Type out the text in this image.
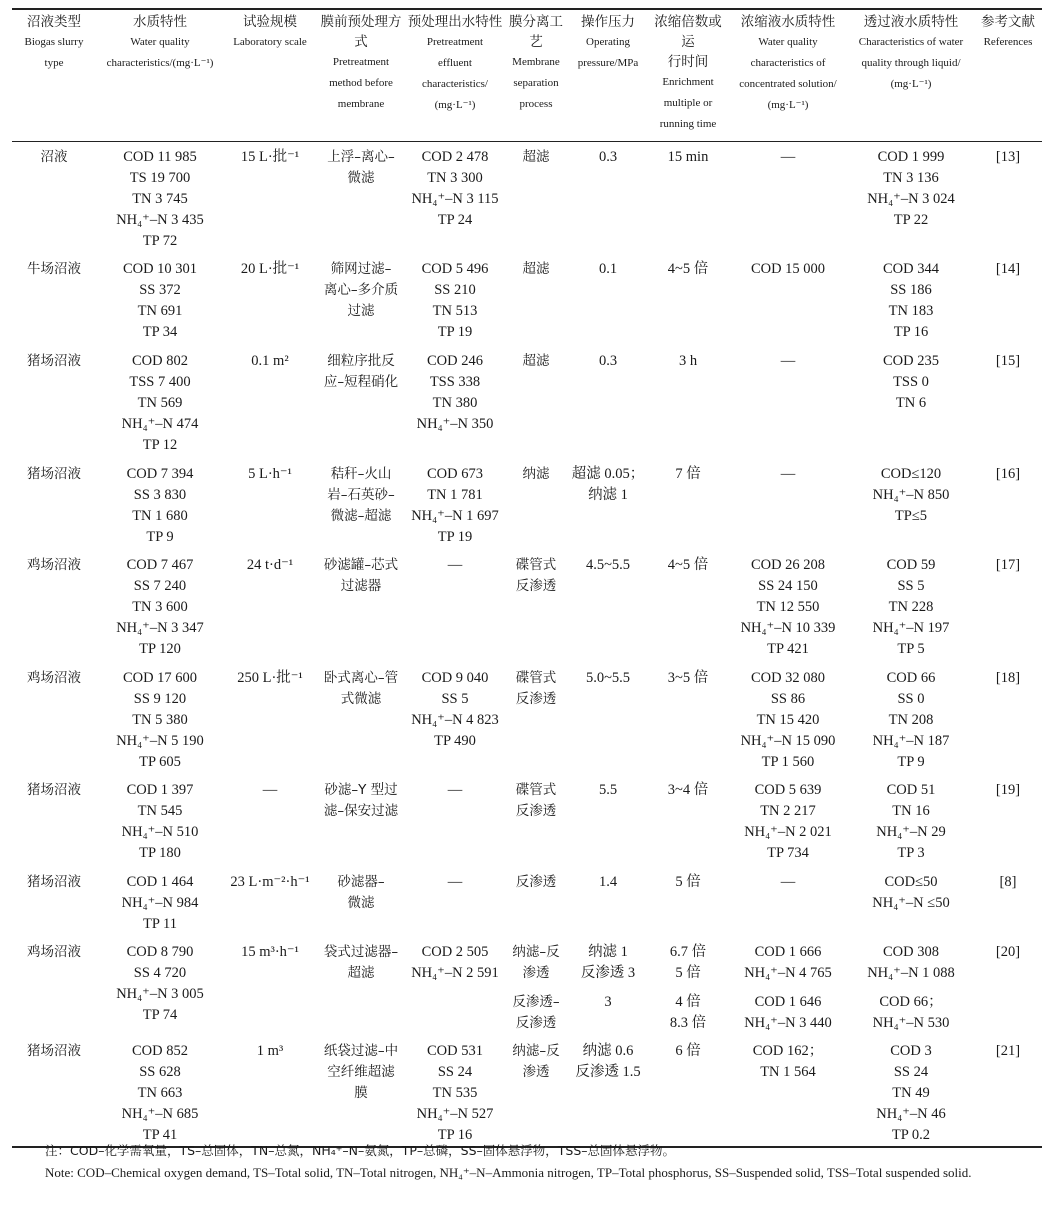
沼液类型
Biogas slurry
type	水质特性
Water quality
characteristics/(mg·L⁻¹)	试验规模
Laboratory scale	膜前预处理方式
Pretreatment
method before
membrane	预处理出水特性
Pretreatment
effluent
characteristics/
(mg·L⁻¹)	膜分离工艺
Membrane
separation
process	操作压力
Operating
pressure/MPa	浓缩倍数或运
行时间
Enrichment
multiple or
running time	浓缩液水质特性
Water quality
characteristics of
concentrated solution/
(mg·L⁻¹)	透过液水质特性
Characteristics of water
quality through liquid/
(mg·L⁻¹)	参考文献
References

沼液	COD 11 985
TS 19 700
TN 3 745
NH₄⁺–N 3 435
TP 72	15 L·批⁻¹	上浮–离心–
微滤	COD 2 478
TN 3 300
NH₄⁺–N 3 115
TP 24	超滤	0.3	15 min	—	COD 1 999
TN 3 136
NH₄⁺–N 3 024
TP 22	[13]

牛场沼液	COD 10 301
SS 372
TN 691
TP 34	20 L·批⁻¹	筛网过滤–
离心–多介质
过滤	COD 5 496
SS 210
TN 513
TP 19	超滤	0.1	4~5 倍	COD 15 000	COD 344
SS 186
TN 183
TP 16	[14]

猪场沼液	COD 802
TSS 7 400
TN 569
NH₄⁺–N 474
TP 12	0.1 m²	细粒序批反
应–短程硝化	COD 246
TSS 338
TN 380
NH₄⁺–N 350	超滤	0.3	3 h	—	COD 235
TSS 0
TN 6	[15]

猪场沼液	COD 7 394
SS 3 830
TN 1 680
TP 9	5 L·h⁻¹	秸秆–火山
岩–石英砂–
微滤–超滤	COD 673
TN 1 781
NH₄⁺–N 1 697
TP 19	纳滤	超滤 0.05；
纳滤 1	7 倍	—	COD≤120
NH₄⁺–N 850
TP≤5	[16]

鸡场沼液	COD 7 467
SS 7 240
TN 3 600
NH₄⁺–N 3 347
TP 120	24 t·d⁻¹	砂滤罐–芯式
过滤器	—	碟管式
反渗透	4.5~5.5	4~5 倍	COD 26 208
SS 24 150
TN 12 550
NH₄⁺–N 10 339
TP 421	COD 59
SS 5
TN 228
NH₄⁺–N 197
TP 5	[17]

鸡场沼液	COD 17 600
SS 9 120
TN 5 380
NH₄⁺–N 5 190
TP 605	250 L·批⁻¹	卧式离心–管
式微滤	COD 9 040
SS 5
NH₄⁺–N 4 823
TP 490	碟管式
反渗透	5.0~5.5	3~5 倍	COD 32 080
SS 86
TN 15 420
NH₄⁺–N 15 090
TP 1 560	COD 66
SS 0
TN 208
NH₄⁺–N 187
TP 9	[18]

猪场沼液	COD 1 397
TN 545
NH₄⁺–N 510
TP 180	—	砂滤–Y 型过
滤–保安过滤	—	碟管式
反渗透	5.5	3~4 倍	COD 5 639
TN 2 217
NH₄⁺–N 2 021
TP 734	COD 51
TN 16
NH₄⁺–N 29
TP 3	[19]

猪场沼液	COD 1 464
NH₄⁺–N 984
TP 11	23 L·m⁻²·h⁻¹	砂滤器–
微滤	—	反渗透	1.4	5 倍	—	COD≤50
NH₄⁺–N ≤50	[8]

鸡场沼液	COD 8 790
SS 4 720
NH₄⁺–N 3 005
TP 74	15 m³·h⁻¹	袋式过滤器–
超滤	COD 2 505
NH₄⁺–N 2 591	纳滤–反
渗透	纳滤 1
反渗透 3	6.7 倍
5 倍	COD 1 666
NH₄⁺–N 4 765	COD 308
NH₄⁺–N 1 088	[20]

					反渗透–
反渗透	3	4 倍
8.3 倍	COD 1 646
NH₄⁺–N 3 440	COD 66；
NH₄⁺–N 530	

猪场沼液	COD 852
SS 628
TN 663
NH₄⁺–N 685
TP 41	1 m³	纸袋过滤–中
空纤维超滤
膜	COD 531
SS 24
TN 535
NH₄⁺–N 527
TP 16	纳滤–反
渗透	纳滤 0.6
反渗透 1.5	6 倍	COD 162；
TN 1 564	COD 3
SS 24
TN 49
NH₄⁺–N 46
TP 0.2	[21]
注：COD–化学需氧量，TS–总固体，TN–总氮，NH₄⁺–N–氨氮，TP–总磷，SS–固体悬浮物，TSS–总固体悬浮物。
Note: COD–Chemical oxygen demand, TS–Total solid, TN–Total nitrogen, NH₄⁺–N–Ammonia nitrogen, TP–Total phosphorus, SS–Suspended solid, TSS–Total suspended solid.
